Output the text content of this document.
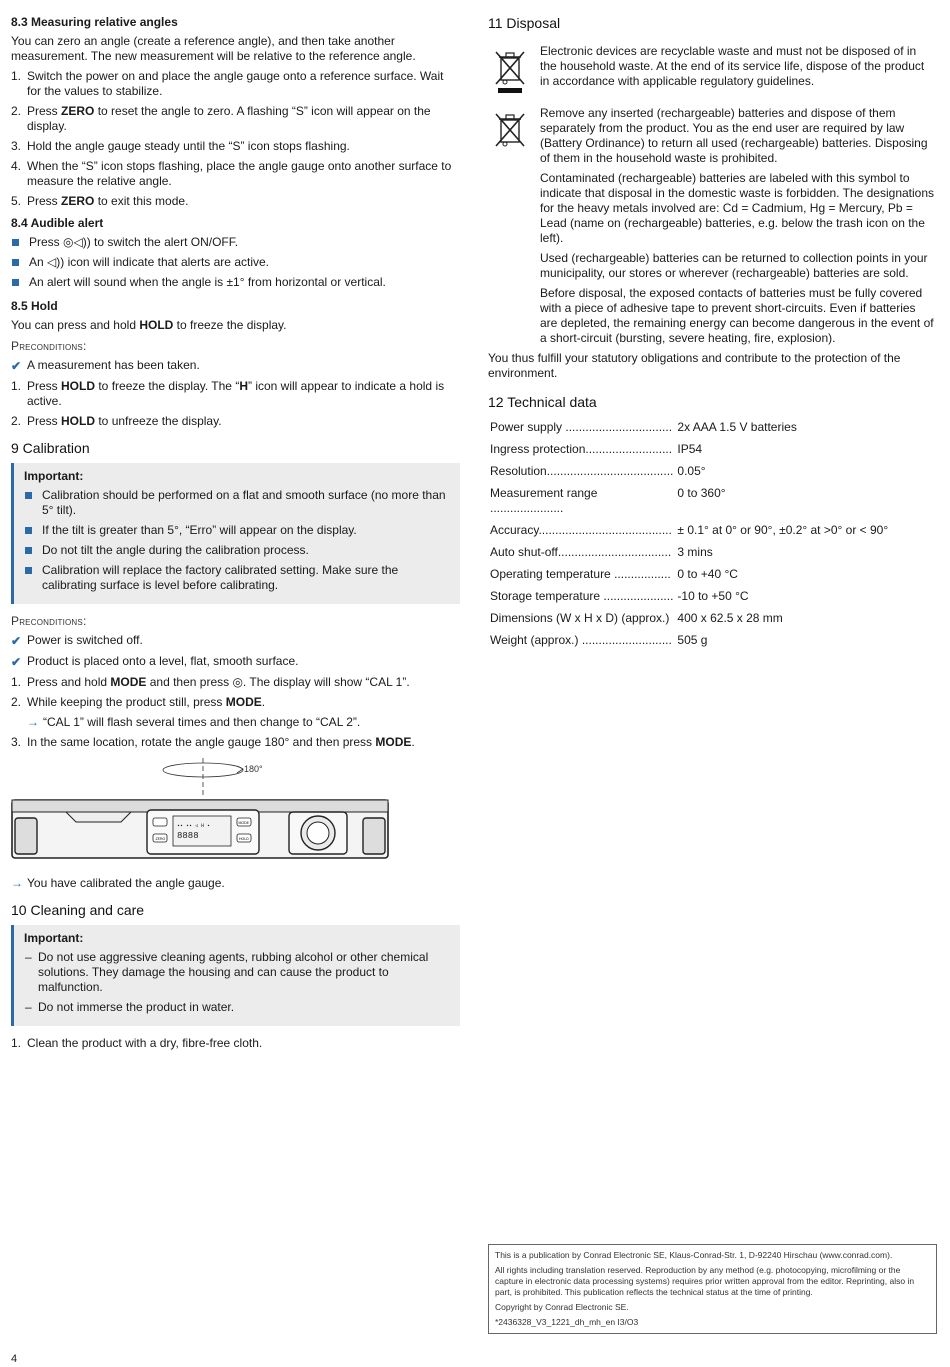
8.3 Measuring relative angles

You can zero an angle (create a reference angle), and then take another measurement. The new measurement will be relative to the reference angle.

1. Switch the power on and place the angle gauge onto a reference surface. Wait for the values to stabilize.
2. Press ZERO to reset the angle to zero. A flashing “S” icon will appear on the display.
3. Hold the angle gauge steady until the “S” icon stops flashing.
4. When the “S” icon stops flashing, place the angle gauge onto another surface to measure the relative angle.
5. Press ZERO to exit this mode.
8.4 Audible alert
Press ◎◁)) to switch the alert ON/OFF.
An ◁)) icon will indicate that alerts are active.
An alert will sound when the angle is ±1° from horizontal or vertical.
8.5 Hold

You can press and hold HOLD to freeze the display.

Preconditions:
✔ A measurement has been taken.
1. Press HOLD to freeze the display. The “H” icon will appear to indicate a hold is active.
2. Press HOLD to unfreeze the display.
9 Calibration
Important:
Calibration should be performed on a flat and smooth surface (no more than 5° tilt).
If the tilt is greater than 5°, “Erro” will appear on the display.
Do not tilt the angle during the calibration process.
Calibration will replace the factory calibrated setting. Make sure the calibrating surface is level before calibrating.
Preconditions:
✔ Power is switched off.
✔ Product is placed onto a level, flat, smooth surface.
1. Press and hold MODE and then press ◎. The display will show “CAL 1”.
2. While keeping the product still, press MODE.
→ “CAL 1” will flash several times and then change to “CAL 2”.
3. In the same location, rotate the angle gauge 180° and then press MODE.
180°
ZERO
▪▪ ▪▪ ◁ H ▪
8888
MODE
HOLD
→ You have calibrated the angle gauge.
10 Cleaning and care
Important:
– Do not use aggressive cleaning agents, rubbing alcohol or other chemical solutions. They damage the housing and can cause the product to malfunction.
– Do not immerse the product in water.
1. Clean the product with a dry, fibre-free cloth.
11 Disposal

Electronic devices are recyclable waste and must not be disposed of in the household waste. At the end of its service life, dispose of the product in accordance with applicable regulatory guidelines.

Remove any inserted (rechargeable) batteries and dispose of them separately from the product. You as the end user are required by law (Battery Ordinance) to return all used (rechargeable) batteries. Disposing of them in the household waste is prohibited.

Contaminated (rechargeable) batteries are labeled with this symbol to indicate that disposal in the domestic waste is forbidden. The designations for the heavy metals involved are: Cd = Cadmium, Hg = Mercury, Pb = Lead (name on (rechargeable) batteries, e.g. below the trash icon on the left).

Used (rechargeable) batteries can be returned to collection points in your municipality, our stores or wherever (rechargeable) batteries are sold.

Before disposal, the exposed contacts of batteries must be fully covered with a piece of adhesive tape to prevent short-circuits. Even if batteries are depleted, the remaining energy can become dangerous in the event of a short-circuit (bursting, severe heating, fire, explosion).

You thus fulfill your statutory obligations and contribute to the protection of the environment.

12 Technical data
Power supply ................................	2x AAA 1.5 V batteries
Ingress protection..........................	IP54
Resolution......................................	0.05°
Measurement range ......................	0 to 360°
Accuracy........................................	± 0.1° at 0° or 90°, ±0.2° at >0° or < 90°
Auto shut-off..................................	3 mins
Operating temperature .................	0 to +40 °C
Storage temperature .....................	-10 to +50 °C
Dimensions (W x H x D) (approx.)	400 x 62.5 x 28 mm
Weight (approx.) ...........................	505 g

This is a publication by Conrad Electronic SE, Klaus-Conrad-Str. 1, D-92240 Hirschau (www.conrad.com).

All rights including translation reserved. Reproduction by any method (e.g. photocopying, microfilming or the capture in electronic data processing systems) requires prior written approval from the editor. Reprinting, also in part, is prohibited. This publication reflects the technical status at the time of printing.

Copyright by Conrad Electronic SE.

*2436328_V3_1221_dh_mh_en I3/O3

4
